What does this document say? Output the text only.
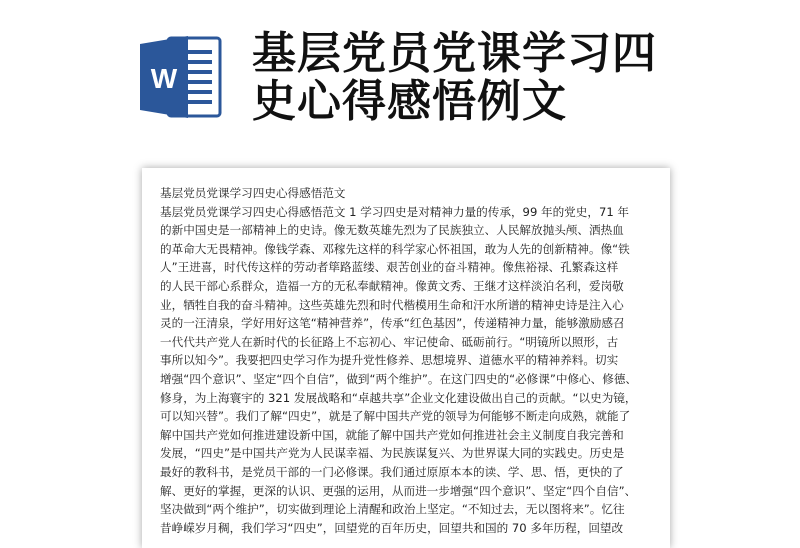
W 基层党员党课学习四
史心得感悟例文
基层党员党课学习四史心得感悟范文
基层党员党课学习四史心得感悟范文 1 学习四史是对精神力量的传承，99 年的党史，71 年
的新中国史是一部精神上的史诗。像无数英雄先烈为了民族独立、人民解放抛头颅、洒热血
的革命大无畏精神。像钱学森、邓稼先这样的科学家心怀祖国，敢为人先的创新精神。像“铁
人”王进喜，时代传这样的劳动者筚路蓝缕、艰苦创业的奋斗精神。像焦裕禄、孔繁森这样
的人民干部心系群众，造福一方的无私奉献精神。像黄文秀、王继才这样淡泊名利，爱岗敬
业，牺牲自我的奋斗精神。这些英雄先烈和时代楷模用生命和汗水所谱的精神史诗是注入心
灵的一汪清泉，学好用好这笔“精神营养”，传承“红色基因”，传递精神力量，能够激励感召
一代代共产党人在新时代的长征路上不忘初心、牢记使命、砥砺前行。“明镜所以照形，古
事所以知今”。我要把四史学习作为提升党性修养、思想境界、道德水平的精神养料。切实
增强“四个意识”、坚定“四个自信”，做到“两个维护”。在这门四史的“必修课”中修心、修德、
修身，为上海寰宇的 321 发展战略和“卓越共享”企业文化建设做出自己的贡献。“以史为镜，
可以知兴替”。我们了解“四史”，就是了解中国共产党的领导为何能够不断走向成熟，就能了
解中国共产党如何推进建设新中国，就能了解中国共产党如何推进社会主义制度自我完善和
发展，“四史”是中国共产党为人民谋幸福、为民族谋复兴、为世界谋大同的实践史。历史是
最好的教科书，是党员干部的一门必修课。我们通过原原本本的读、学、思、悟，更快的了
解、更好的掌握，更深的认识、更强的运用，从而进一步增强“四个意识”、坚定“四个自信”、
坚决做到“两个维护”，切实做到理论上清醒和政治上坚定。“不知过去，无以图将来”。忆往
昔峥嵘岁月稠，我们学习“四史”，回望党的百年历史，回望共和国的 70 多年历程，回望改
